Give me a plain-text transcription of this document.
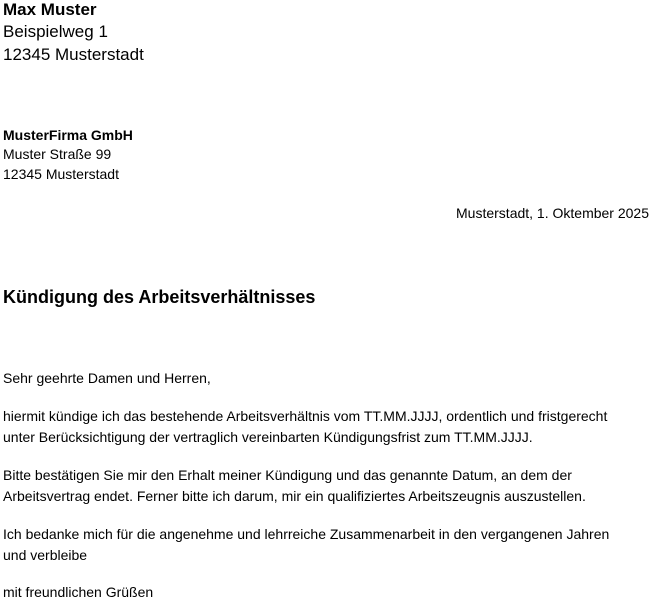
Max Muster
Beispielweg 1
12345 Musterstadt
MusterFirma GmbH
Muster Straße 99
12345 Musterstadt
Musterstadt, 1. Oktember 2025
Kündigung des Arbeitsverhältnisses
Sehr geehrte Damen und Herren,
hiermit kündige ich das bestehende Arbeitsverhältnis vom TT.MM.JJJJ, ordentlich und fristgerecht
unter Berücksichtigung der vertraglich vereinbarten Kündigungsfrist zum TT.MM.JJJJ.
Bitte bestätigen Sie mir den Erhalt meiner Kündigung und das genannte Datum, an dem der
Arbeitsvertrag endet. Ferner bitte ich darum, mir ein qualifiziertes Arbeitszeugnis auszustellen.
Ich bedanke mich für die angenehme und lehrreiche Zusammenarbeit in den vergangenen Jahren
und verbleibe
mit freundlichen Grüßen
